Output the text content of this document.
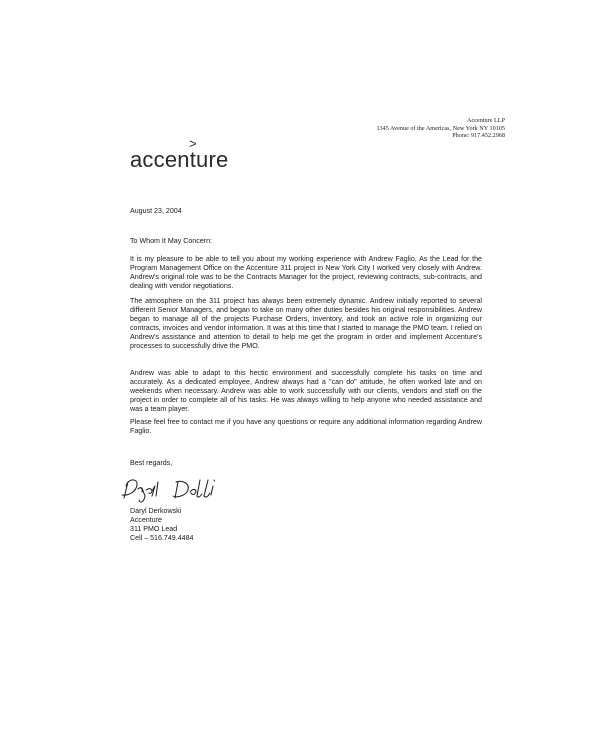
Accenture LLP
1345 Avenue of the Americas, New York NY 10105
Phone: 917.452.2968
>
accenture
August 23, 2004
To Whom It May Concern:
It is my pleasure to be able to tell you about my working experience with Andrew Faglio. As the Lead for the Program Management Office on the Accenture 311 project in New York City I worked very closely with Andrew. Andrew's original role was to be the Contracts Manager for the project, reviewing contracts, sub-contracts, and dealing with vendor negotiations.
The atmosphere on the 311 project has always been extremely dynamic. Andrew initially reported to several different Senior Managers, and began to take on many other duties besides his original responsibilities. Andrew began to manage all of the projects Purchase Orders, Inventory, and took an active role in organizing our contracts, invoices and vendor information. It was at this time that I started to manage the PMO team. I relied on Andrew's assistance and attention to detail to help me get the program in order and implement Accenture's processes to successfully drive the PMO.
Andrew was able to adapt to this hectic environment and successfully complete his tasks on time and accurately. As a dedicated employee, Andrew always had a "can do" attitude, he often worked late and on weekends when necessary. Andrew was able to work successfully with our clients, vendors and staff on the project in order to complete all of his tasks. He was always willing to help anyone who needed assistance and was a team player.
Please feel free to contact me if you have any questions or require any additional information regarding Andrew Faglio.
Best regards,
Daryl Derkowski
Accenture
311 PMO Lead
Cell – 516.749.4484
